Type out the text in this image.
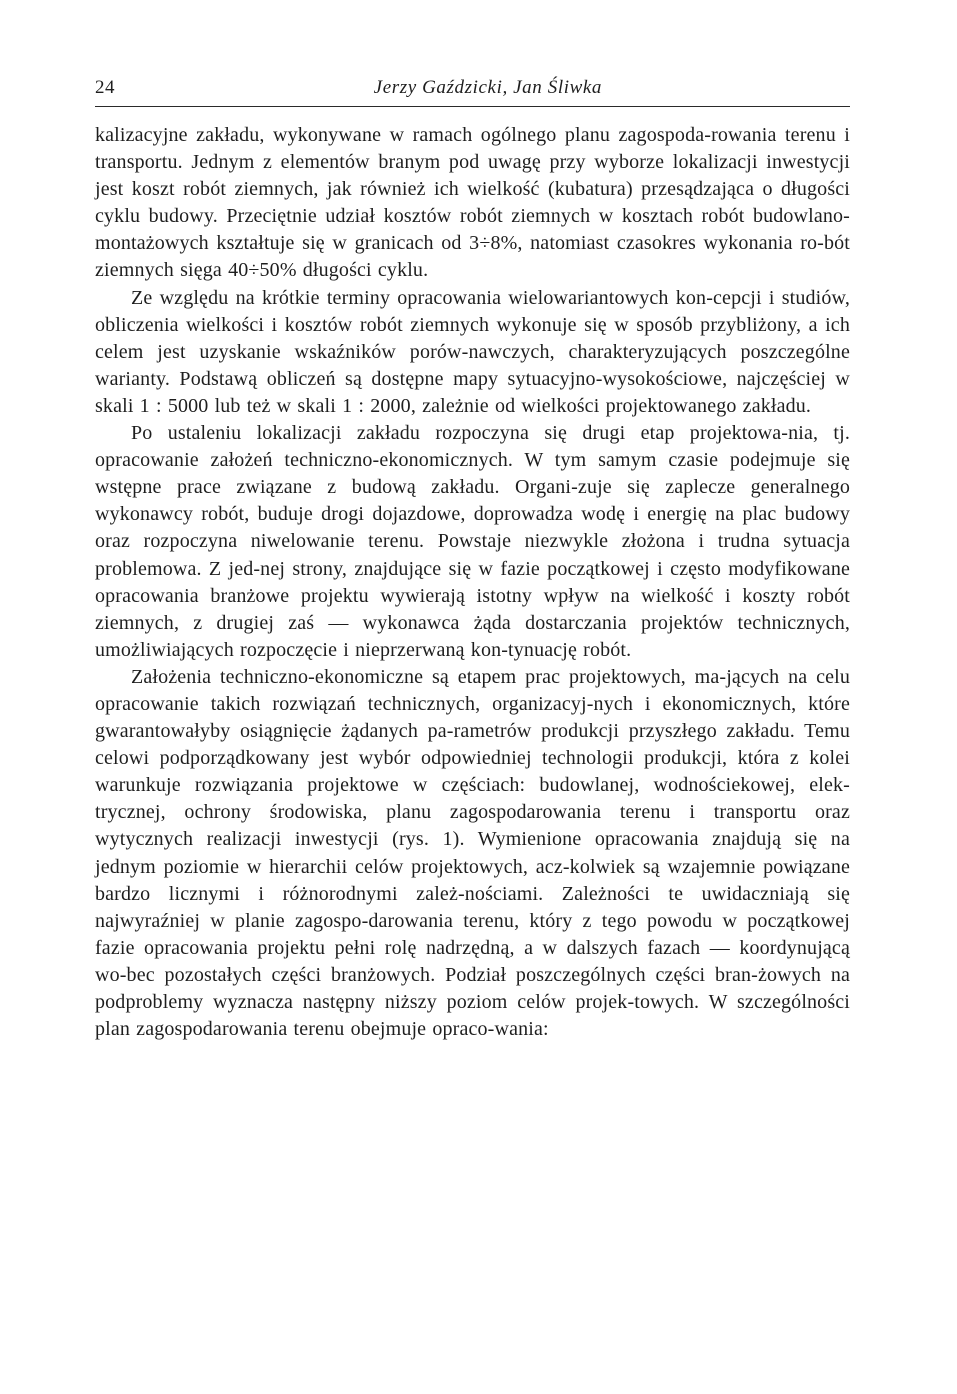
24	Jerzy Gaździcki, Jan Śliwka

kalizacyjne zakładu, wykonywane w ramach ogólnego planu zagospoda-rowania terenu i transportu. Jednym z elementów branym pod uwagę przy wyborze lokalizacji inwestycji jest koszt robót ziemnych, jak również ich wielkość (kubatura) przesądzająca o długości cyklu budowy. Przeciętnie udział kosztów robót ziemnych w kosztach robót budowlano-montażowych kształtuje się w granicach od 3÷8%, natomiast czasokres wykonania ro-bót ziemnych sięga 40÷50% długości cyklu.

Ze względu na krótkie terminy opracowania wielowariantowych kon-cepcji i studiów, obliczenia wielkości i kosztów robót ziemnych wykonuje się w sposób przybliżony, a ich celem jest uzyskanie wskaźników porów-nawczych, charakteryzujących poszczególne warianty. Podstawą obliczeń są dostępne mapy sytuacyjno-wysokościowe, najczęściej w skali 1 : 5000 lub też w skali 1 : 2000, zależnie od wielkości projektowanego zakładu.

Po ustaleniu lokalizacji zakładu rozpoczyna się drugi etap projektowa-nia, tj. opracowanie założeń techniczno-ekonomicznych. W tym samym czasie podejmuje się wstępne prace związane z budową zakładu. Organi-zuje się zaplecze generalnego wykonawcy robót, buduje drogi dojazdowe, doprowadza wodę i energię na plac budowy oraz rozpoczyna niwelowanie terenu. Powstaje niezwykle złożona i trudna sytuacja problemowa. Z jed-nej strony, znajdujące się w fazie początkowej i często modyfikowane opracowania branżowe projektu wywierają istotny wpływ na wielkość i koszty robót ziemnych, z drugiej zaś — wykonawca żąda dostarczania projektów technicznych, umożliwiających rozpoczęcie i nieprzerwaną kon-tynuację robót.

Założenia techniczno-ekonomiczne są etapem prac projektowych, ma-jących na celu opracowanie takich rozwiązań technicznych, organizacyj-nych i ekonomicznych, które gwarantowałyby osiągnięcie żądanych pa-rametrów produkcji przyszłego zakładu. Temu celowi podporządkowany jest wybór odpowiedniej technologii produkcji, która z kolei warunkuje rozwiązania projektowe w częściach: budowlanej, wodnościekowej, elek-trycznej, ochrony środowiska, planu zagospodarowania terenu i transportu oraz wytycznych realizacji inwestycji (rys. 1). Wymienione opracowania znajdują się na jednym poziomie w hierarchii celów projektowych, acz-kolwiek są wzajemnie powiązane bardzo licznymi i różnorodnymi zależ-nościami. Zależności te uwidaczniają się najwyraźniej w planie zagospo-darowania terenu, który z tego powodu w początkowej fazie opracowania projektu pełni rolę nadrzędną, a w dalszych fazach — koordynującą wo-bec pozostałych części branżowych. Podział poszczególnych części bran-żowych na podproblemy wyznacza następny niższy poziom celów projek-towych. W szczególności plan zagospodarowania terenu obejmuje opraco-wania:
